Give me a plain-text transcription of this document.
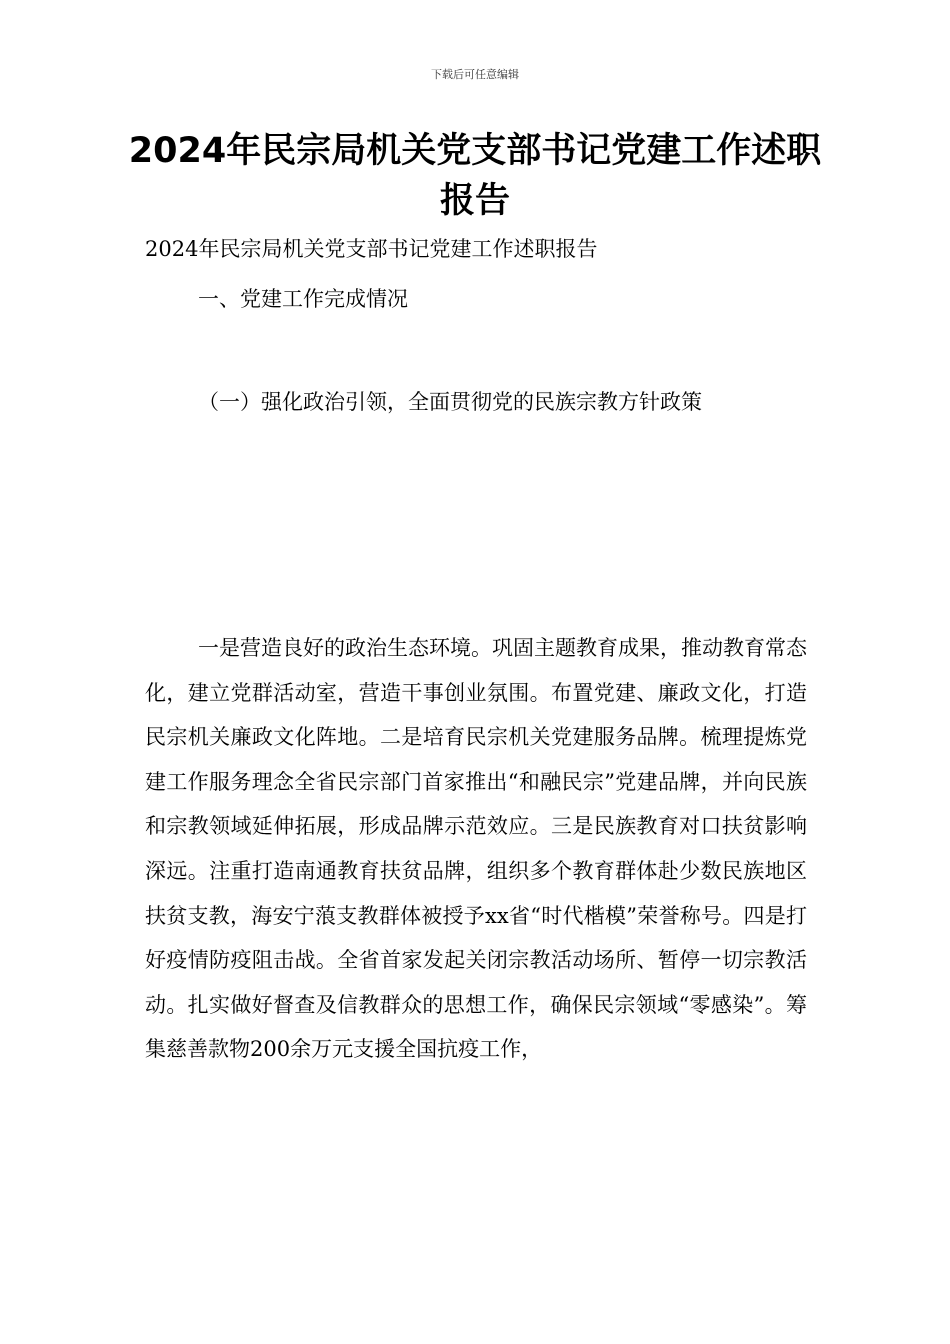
下载后可任意编辑
2024年民宗局机关党支部书记党建工作述职报告

2024年民宗局机关党支部书记党建工作述职报告

一、党建工作完成情况

（一）强化政治引领，全面贯彻党的民族宗教方针政策

一是营造良好的政治生态环境。巩固主题教育成果，推动教育常态化，建立党群活动室，营造干事创业氛围。布置党建、廉政文化，打造民宗机关廉政文化阵地。二是培育民宗机关党建服务品牌。梳理提炼党建工作服务理念全省民宗部门首家推出“和融民宗”党建品牌，并向民族和宗教领域延伸拓展，形成品牌示范效应。三是民族教育对口扶贫影响深远。注重打造南通教育扶贫品牌，组织多个教育群体赴少数民族地区扶贫支教，海安宁蒗支教群体被授予xx省“时代楷模”荣誉称号。四是打好疫情防疫阻击战。全省首家发起关闭宗教活动场所、暂停一切宗教活动。扎实做好督查及信教群众的思想工作，确保民宗领域“零感染”。筹集慈善款物200余万元支援全国抗疫工作，
